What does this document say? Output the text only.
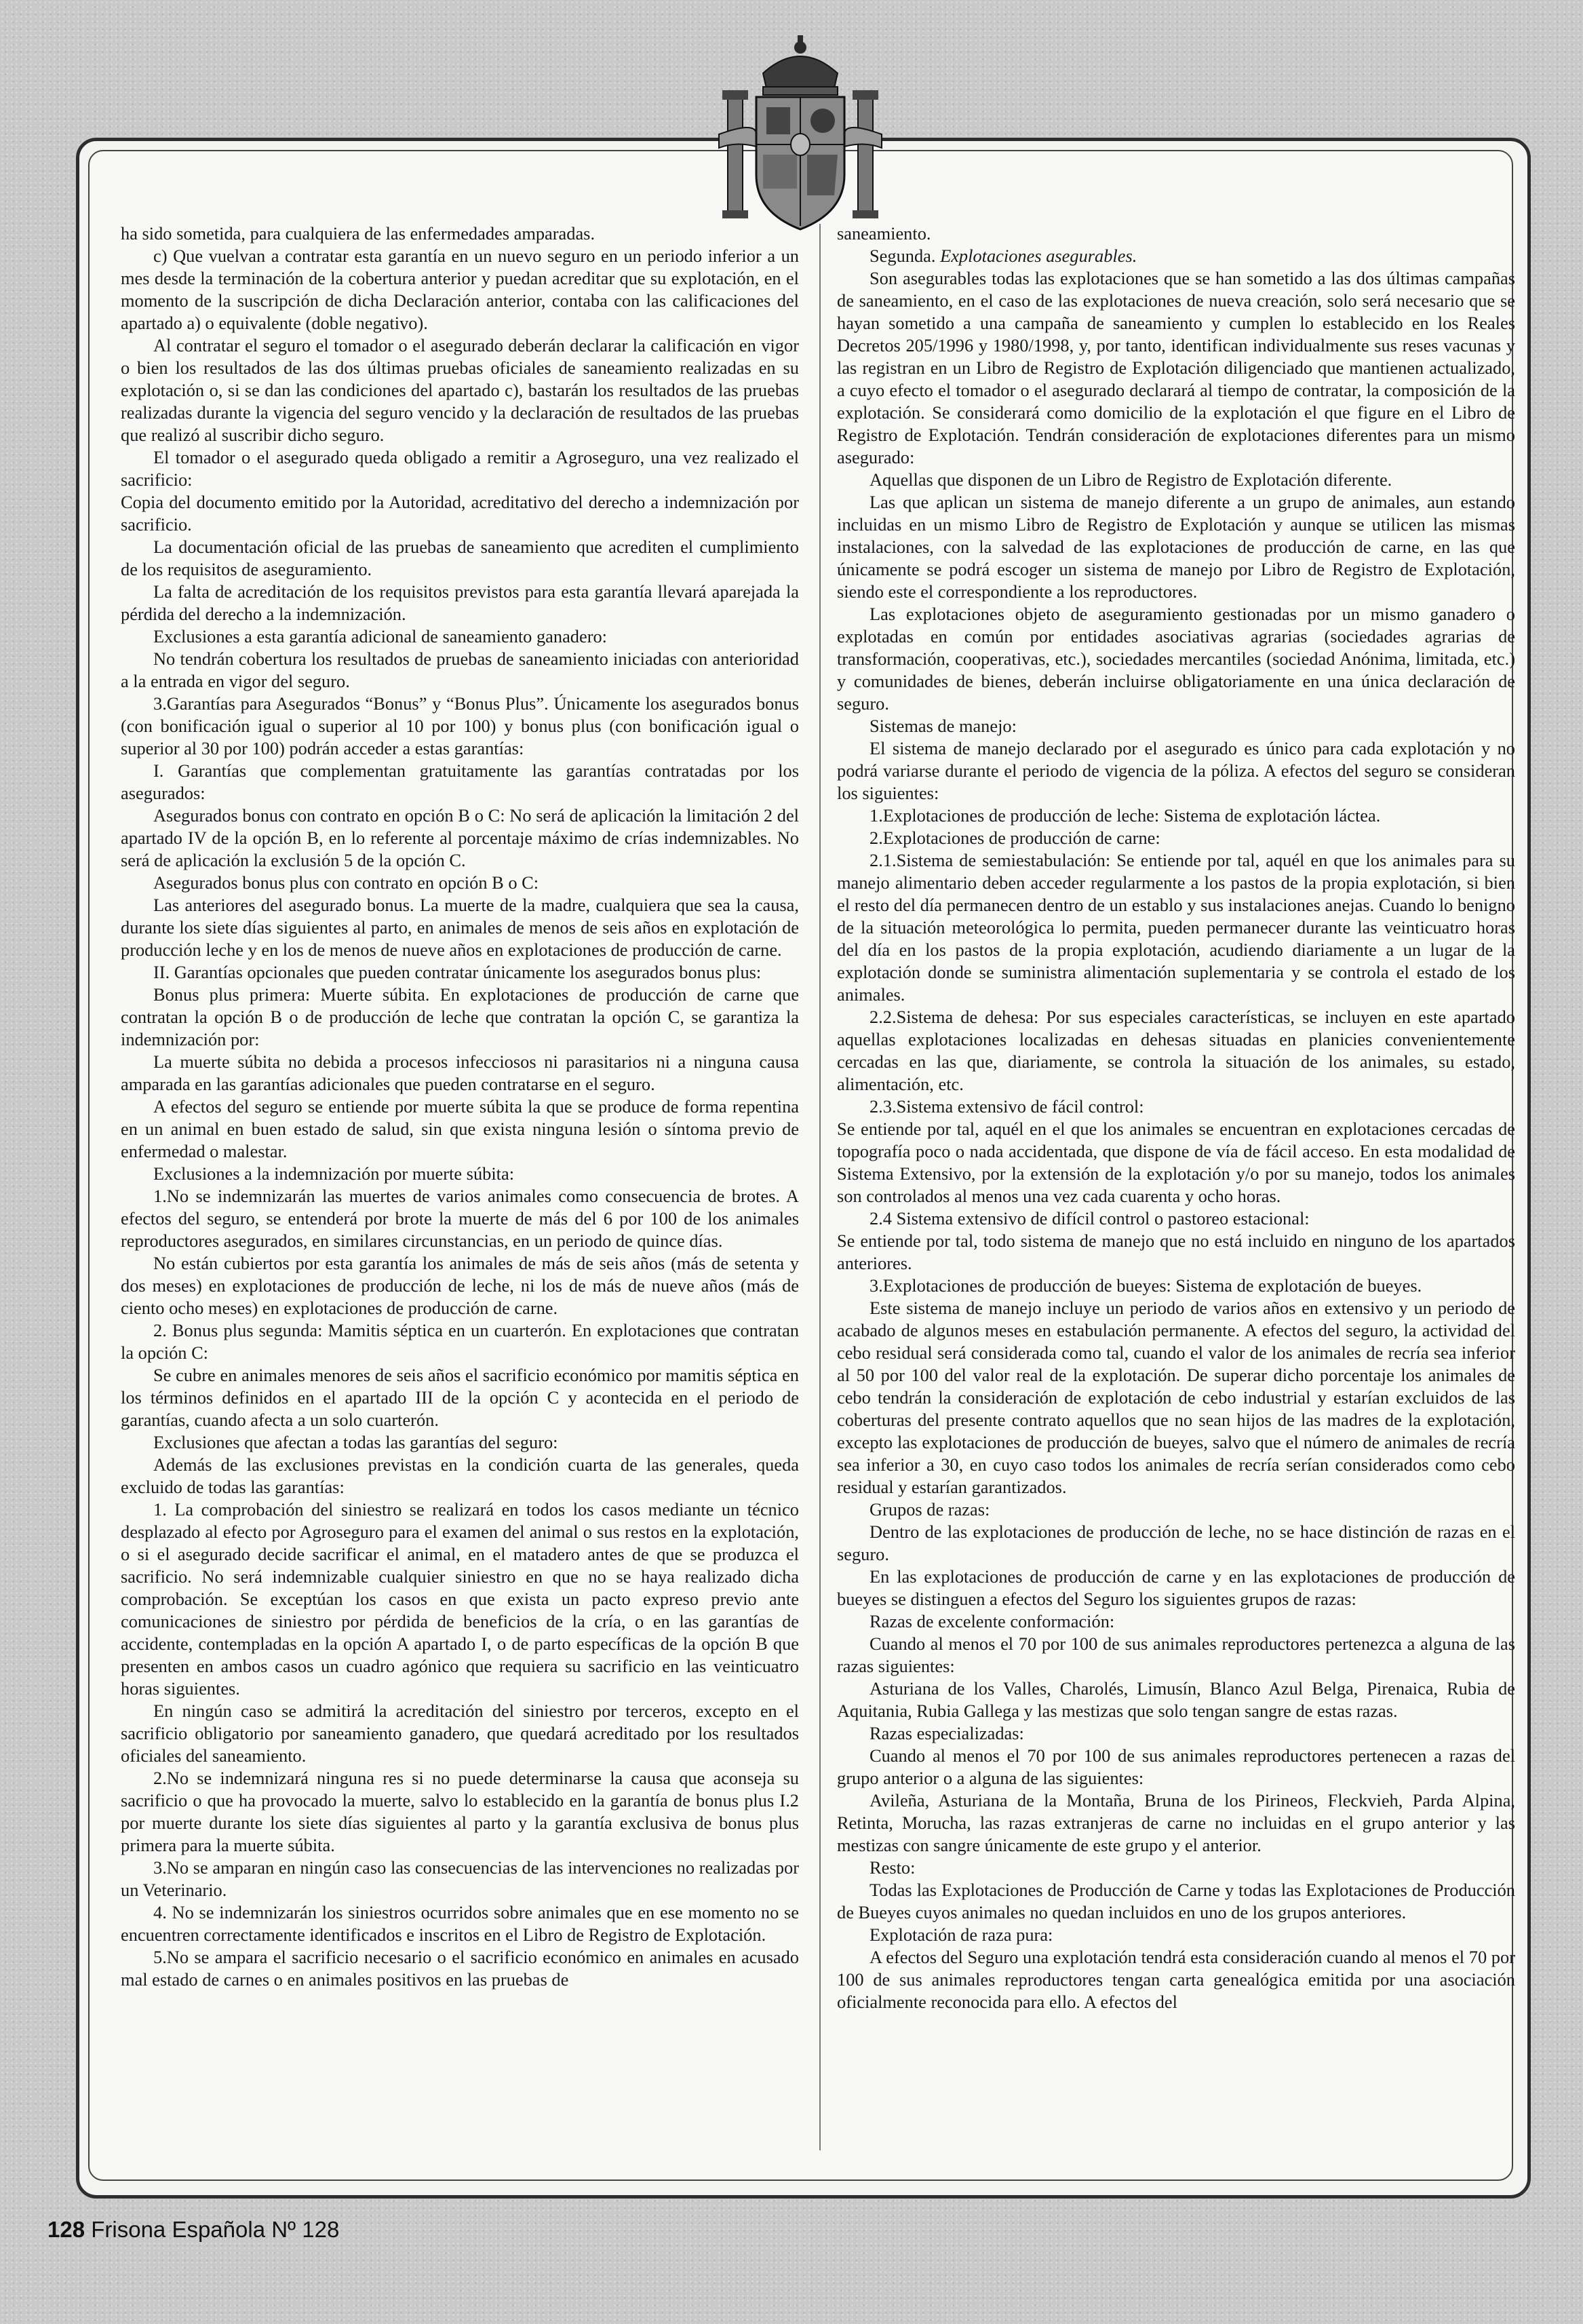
ha sido sometida, para cualquiera de las enfermedades amparadas.

c) Que vuelvan a contratar esta garantía en un nuevo seguro en un periodo inferior a un mes desde la terminación de la cobertura anterior y puedan acreditar que su explotación, en el momento de la suscripción de dicha Declaración anterior, contaba con las calificaciones del apartado a) o equivalente (doble negativo).

Al contratar el seguro el tomador o el asegurado deberán declarar la calificación en vigor o bien los resultados de las dos últimas pruebas oficiales de saneamiento realizadas en su explotación o, si se dan las condiciones del apartado c), bastarán los resultados de las pruebas realizadas durante la vigencia del seguro vencido y la declaración de resultados de las pruebas que realizó al suscribir dicho seguro.

El tomador o el asegurado queda obligado a remitir a Agroseguro, una vez realizado el sacrificio:

Copia del documento emitido por la Autoridad, acreditativo del derecho a indemnización por sacrificio.

La documentación oficial de las pruebas de saneamiento que acrediten el cumplimiento de los requisitos de aseguramiento.

La falta de acreditación de los requisitos previstos para esta garantía llevará aparejada la pérdida del derecho a la indemnización.

Exclusiones a esta garantía adicional de saneamiento ganadero:

No tendrán cobertura los resultados de pruebas de saneamiento iniciadas con anterioridad a la entrada en vigor del seguro.

3.Garantías para Asegurados “Bonus” y “Bonus Plus”. Únicamente los asegurados bonus (con bonificación igual o superior al 10 por 100) y bonus plus (con bonificación igual o superior al 30 por 100) podrán acceder a estas garantías:

I. Garantías que complementan gratuitamente las garantías contratadas por los asegurados:

Asegurados bonus con contrato en opción B o C: No será de aplicación la limitación 2 del apartado IV de la opción B, en lo referente al porcentaje máximo de crías indemnizables. No será de aplicación la exclusión 5 de la opción C.

Asegurados bonus plus con contrato en opción B o C:

Las anteriores del asegurado bonus. La muerte de la madre, cualquiera que sea la causa, durante los siete días siguientes al parto, en animales de menos de seis años en explotación de producción leche y en los de menos de nueve años en explotaciones de producción de carne.

II. Garantías opcionales que pueden contratar únicamente los asegurados bonus plus:

Bonus plus primera: Muerte súbita. En explotaciones de producción de carne que contratan la opción B o de producción de leche que contratan la opción C, se garantiza la indemnización por:

La muerte súbita no debida a procesos infecciosos ni parasitarios ni a ninguna causa amparada en las garantías adicionales que pueden contratarse en el seguro.

A efectos del seguro se entiende por muerte súbita la que se produce de forma repentina en un animal en buen estado de salud, sin que exista ninguna lesión o síntoma previo de enfermedad o malestar.

Exclusiones a la indemnización por muerte súbita:

1.No se indemnizarán las muertes de varios animales como consecuencia de brotes. A efectos del seguro, se entenderá por brote la muerte de más del 6 por 100 de los animales reproductores asegurados, en similares circunstancias, en un periodo de quince días.

No están cubiertos por esta garantía los animales de más de seis años (más de setenta y dos meses) en explotaciones de producción de leche, ni los de más de nueve años (más de ciento ocho meses) en explotaciones de producción de carne.

2. Bonus plus segunda: Mamitis séptica en un cuarterón. En explotaciones que contratan la opción C:

Se cubre en animales menores de seis años el sacrificio económico por mamitis séptica en los términos definidos en el apartado III de la opción C y acontecida en el periodo de garantías, cuando afecta a un solo cuarterón.

Exclusiones que afectan a todas las garantías del seguro:

Además de las exclusiones previstas en la condición cuarta de las generales, queda excluido de todas las garantías:

1. La comprobación del siniestro se realizará en todos los casos mediante un técnico desplazado al efecto por Agroseguro para el examen del animal o sus restos en la explotación, o si el asegurado decide sacrificar el animal, en el matadero antes de que se produzca el sacrificio. No será indemnizable cualquier siniestro en que no se haya realizado dicha comprobación. Se exceptúan los casos en que exista un pacto expreso previo ante comunicaciones de siniestro por pérdida de beneficios de la cría, o en las garantías de accidente, contempladas en la opción A apartado I, o de parto específicas de la opción B que presenten en ambos casos un cuadro agónico que requiera su sacrificio en las veinticuatro horas siguientes.

En ningún caso se admitirá la acreditación del siniestro por terceros, excepto en el sacrificio obligatorio por saneamiento ganadero, que quedará acreditado por los resultados oficiales del saneamiento.

2.No se indemnizará ninguna res si no puede determinarse la causa que aconseja su sacrificio o que ha provocado la muerte, salvo lo establecido en la garantía de bonus plus I.2 por muerte durante los siete días siguientes al parto y la garantía exclusiva de bonus plus primera para la muerte súbita.

3.No se amparan en ningún caso las consecuencias de las intervenciones no realizadas por un Veterinario.

4. No se indemnizarán los siniestros ocurridos sobre animales que en ese momento no se encuentren correctamente identificados e inscritos en el Libro de Registro de Explotación.

5.No se ampara el sacrificio necesario o el sacrificio económico en animales en acusado mal estado de carnes o en animales positivos en las pruebas de

saneamiento.

Segunda. Explotaciones asegurables.

Son asegurables todas las explotaciones que se han sometido a las dos últimas campañas de saneamiento, en el caso de las explotaciones de nueva creación, solo será necesario que se hayan sometido a una campaña de saneamiento y cumplen lo establecido en los Reales Decretos 205/1996 y 1980/1998, y, por tanto, identifican individualmente sus reses vacunas y las registran en un Libro de Registro de Explotación diligenciado que mantienen actualizado, a cuyo efecto el tomador o el asegurado declarará al tiempo de contratar, la composición de la explotación. Se considerará como domicilio de la explotación el que figure en el Libro de Registro de Explotación. Tendrán consideración de explotaciones diferentes para un mismo asegurado:

Aquellas que disponen de un Libro de Registro de Explotación diferente.

Las que aplican un sistema de manejo diferente a un grupo de animales, aun estando incluidas en un mismo Libro de Registro de Explotación y aunque se utilicen las mismas instalaciones, con la salvedad de las explotaciones de producción de carne, en las que únicamente se podrá escoger un sistema de manejo por Libro de Registro de Explotación, siendo este el correspondiente a los reproductores.

Las explotaciones objeto de aseguramiento gestionadas por un mismo ganadero o explotadas en común por entidades asociativas agrarias (sociedades agrarias de transformación, cooperativas, etc.), sociedades mercantiles (sociedad Anónima, limitada, etc.) y comunidades de bienes, deberán incluirse obligatoriamente en una única declaración de seguro.

Sistemas de manejo:

El sistema de manejo declarado por el asegurado es único para cada explotación y no podrá variarse durante el periodo de vigencia de la póliza. A efectos del seguro se consideran los siguientes:

1.Explotaciones de producción de leche: Sistema de explotación láctea.

2.Explotaciones de producción de carne:

2.1.Sistema de semiestabulación: Se entiende por tal, aquél en que los animales para su manejo alimentario deben acceder regularmente a los pastos de la propia explotación, si bien el resto del día permanecen dentro de un establo y sus instalaciones anejas. Cuando lo benigno de la situación meteorológica lo permita, pueden permanecer durante las veinticuatro horas del día en los pastos de la propia explotación, acudiendo diariamente a un lugar de la explotación donde se suministra alimentación suplementaria y se controla el estado de los animales.

2.2.Sistema de dehesa: Por sus especiales características, se incluyen en este apartado aquellas explotaciones localizadas en dehesas situadas en planicies convenientemente cercadas en las que, diariamente, se controla la situación de los animales, su estado, alimentación, etc.

2.3.Sistema extensivo de fácil control:

Se entiende por tal, aquél en el que los animales se encuentran en explotaciones cercadas de topografía poco o nada accidentada, que dispone de vía de fácil acceso. En esta modalidad de Sistema Extensivo, por la extensión de la explotación y/o por su manejo, todos los animales son controlados al menos una vez cada cuarenta y ocho horas.

2.4 Sistema extensivo de difícil control o pastoreo estacional:

Se entiende por tal, todo sistema de manejo que no está incluido en ninguno de los apartados anteriores.

3.Explotaciones de producción de bueyes: Sistema de explotación de bueyes.

Este sistema de manejo incluye un periodo de varios años en extensivo y un periodo de acabado de algunos meses en estabulación permanente. A efectos del seguro, la actividad del cebo residual será considerada como tal, cuando el valor de los animales de recría sea inferior al 50 por 100 del valor real de la explotación. De superar dicho porcentaje los animales de cebo tendrán la consideración de explotación de cebo industrial y estarían excluidos de las coberturas del presente contrato aquellos que no sean hijos de las madres de la explotación, excepto las explotaciones de producción de bueyes, salvo que el número de animales de recría sea inferior a 30, en cuyo caso todos los animales de recría serían considerados como cebo residual y estarían garantizados.

Grupos de razas:

Dentro de las explotaciones de producción de leche, no se hace distinción de razas en el seguro.

En las explotaciones de producción de carne y en las explotaciones de producción de bueyes se distinguen a efectos del Seguro los siguientes grupos de razas:

Razas de excelente conformación:

Cuando al menos el 70 por 100 de sus animales reproductores pertenezca a alguna de las razas siguientes:

Asturiana de los Valles, Charolés, Limusín, Blanco Azul Belga, Pirenaica, Rubia de Aquitania, Rubia Gallega y las mestizas que solo tengan sangre de estas razas.

Razas especializadas:

Cuando al menos el 70 por 100 de sus animales reproductores pertenecen a razas del grupo anterior o a alguna de las siguientes:

Avileña, Asturiana de la Montaña, Bruna de los Pirineos, Fleckvieh, Parda Alpina, Retinta, Morucha, las razas extranjeras de carne no incluidas en el grupo anterior y las mestizas con sangre únicamente de este grupo y el anterior.

Resto:

Todas las Explotaciones de Producción de Carne y todas las Explotaciones de Producción de Bueyes cuyos animales no quedan incluidos en uno de los grupos anteriores.

Explotación de raza pura:

A efectos del Seguro una explotación tendrá esta consideración cuando al menos el 70 por 100 de sus animales reproductores tengan carta genealógica emitida por una asociación oficialmente reconocida para ello. A efectos del

128 Frisona Española Nº 128
